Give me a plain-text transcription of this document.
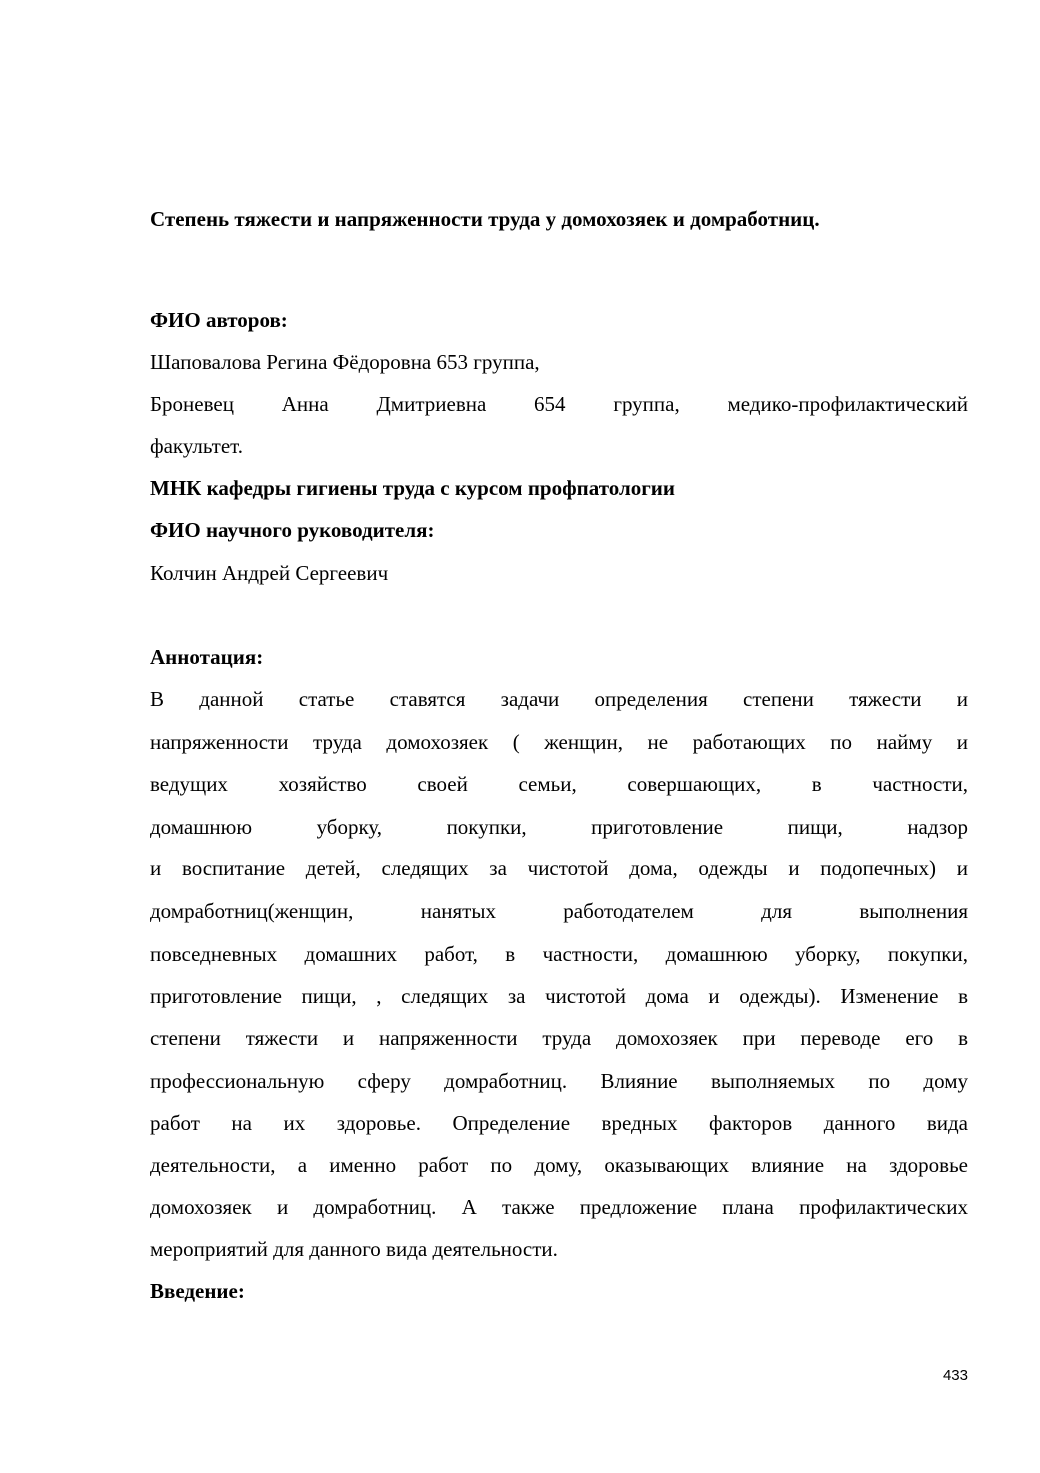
Степень тяжести и напряженности труда у домохозяек и домработниц.
ФИО авторов:
Шаповалова Регина Фёдоровна 653 группа,
Броневец Анна Дмитриевна 654 группа, медико-профилактический
факультет.
МНК кафедры гигиены труда с курсом профпатологии
ФИО научного руководителя:
Колчин Андрей Сергеевич
Аннотация:
В данной статье ставятся задачи определения степени тяжести и
напряженности труда домохозяек ( женщин, не работающих по найму и
ведущих хозяйство своей семьи, совершающих, в частности,
домашнюю уборку, покупки, приготовление пищи, надзор
и воспитание детей, следящих за чистотой дома, одежды и подопечных) и
домработниц(женщин, нанятых работодателем для выполнения
повседневных домашних работ, в частности, домашнюю уборку, покупки,
приготовление пищи, , следящих за чистотой дома и одежды). Изменение в
степени тяжести и напряженности труда домохозяек при переводе его в
профессиональную сферу домработниц. Влияние выполняемых по дому
работ на их здоровье. Определение вредных факторов данного вида
деятельности, а именно работ по дому, оказывающих влияние на здоровье
домохозяек и домработниц. А также предложение плана профилактических
мероприятий для данного вида деятельности.
Введение:
433
